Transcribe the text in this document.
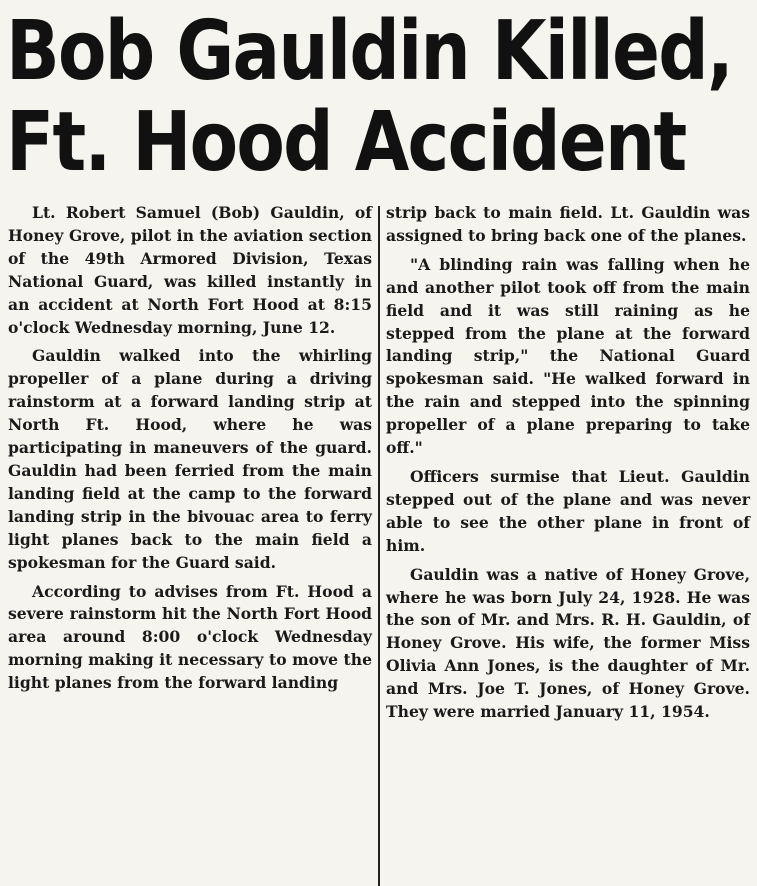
Bob Gauldin Killed,
Ft. Hood Accident

Lt. Robert Samuel (Bob) Gauldin, of Honey Grove, pilot in the aviation section of the 49th Armored Division, Texas National Guard, was killed instantly in an accident at North Fort Hood at 8:15 o'clock Wednesday morning, June 12.

Gauldin walked into the whirling propeller of a plane during a driving rainstorm at a forward landing strip at North Ft. Hood, where he was participating in maneuvers of the guard. Gauldin had been ferried from the main landing field at the camp to the forward landing strip in the bivouac area to ferry light planes back to the main field a spokesman for the Guard said.

According to advises from Ft. Hood a severe rainstorm hit the North Fort Hood area around 8:00 o'clock Wednesday morning making it necessary to move the light planes from the forward landing

strip back to main field. Lt. Gauldin was assigned to bring back one of the planes.

"A blinding rain was falling when he and another pilot took off from the main field and it was still raining as he stepped from the plane at the forward landing strip," the National Guard spokesman said. "He walked forward in the rain and stepped into the spinning propeller of a plane preparing to take off."

Officers surmise that Lieut. Gauldin stepped out of the plane and was never able to see the other plane in front of him.

Gauldin was a native of Honey Grove, where he was born July 24, 1928. He was the son of Mr. and Mrs. R. H. Gauldin, of Honey Grove. His wife, the former Miss Olivia Ann Jones, is the daughter of Mr. and Mrs. Joe T. Jones, of Honey Grove. They were married January 11, 1954.
